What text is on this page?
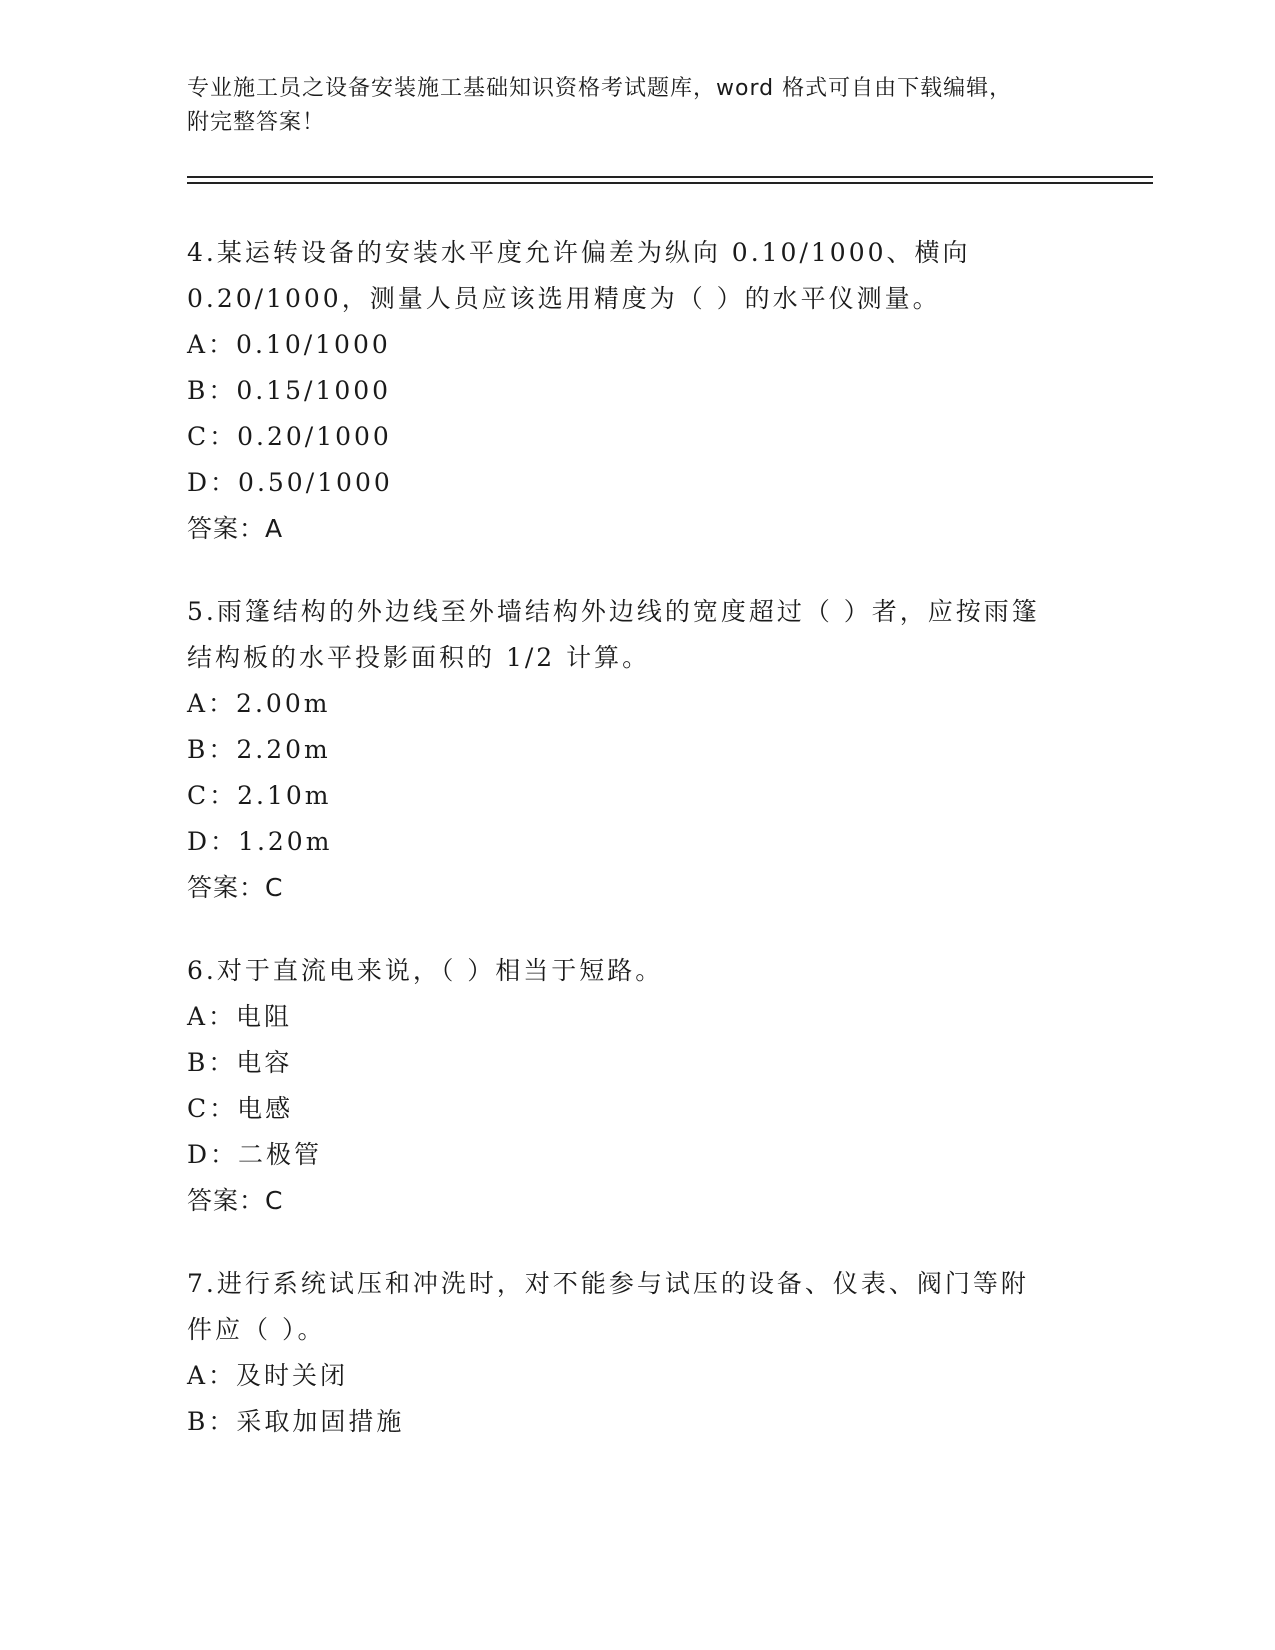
专业施工员之设备安装施工基础知识资格考试题库，word 格式可自由下载编辑，
附完整答案！
4.某运转设备的安装水平度允许偏差为纵向 0.10/1000、横向
0.20/1000，测量人员应该选用精度为（ ）的水平仪测量。
A：0.10/1000
B：0.15/1000
C：0.20/1000
D：0.50/1000
答案：A
5.雨篷结构的外边线至外墙结构外边线的宽度超过（ ）者，应按雨篷
结构板的水平投影面积的 1/2 计算。
A：2.00m
B：2.20m
C：2.10m
D：1.20m
答案：C
6.对于直流电来说，（ ）相当于短路。
A：电阻
B：电容
C：电感
D：二极管
答案：C
7.进行系统试压和冲洗时，对不能参与试压的设备、仪表、阀门等附
件应（ ）。
A：及时关闭
B：采取加固措施
